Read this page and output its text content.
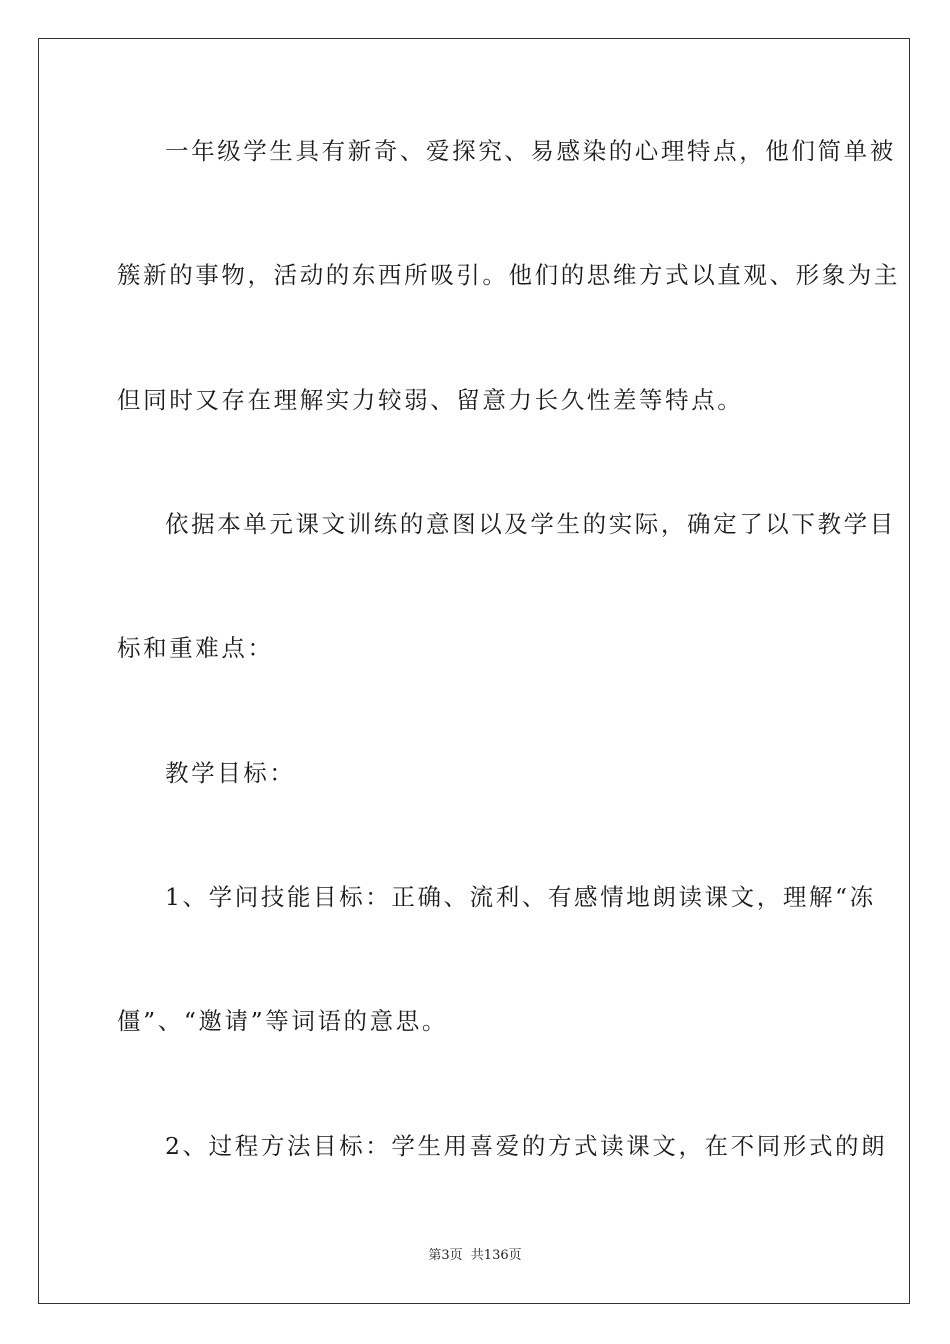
一年级学生具有新奇、爱探究、易感染的心理特点，他们简单被
簇新的事物，活动的东西所吸引。他们的思维方式以直观、形象为主
但同时又存在理解实力较弱、留意力长久性差等特点。
依据本单元课文训练的意图以及学生的实际，确定了以下教学目
标和重难点：
教学目标：
1、学问技能目标：正确、流利、有感情地朗读课文，理解“冻
僵”、“邀请”等词语的意思。
2、过程方法目标：学生用喜爱的方式读课文，在不同形式的朗
第3页 共136页
